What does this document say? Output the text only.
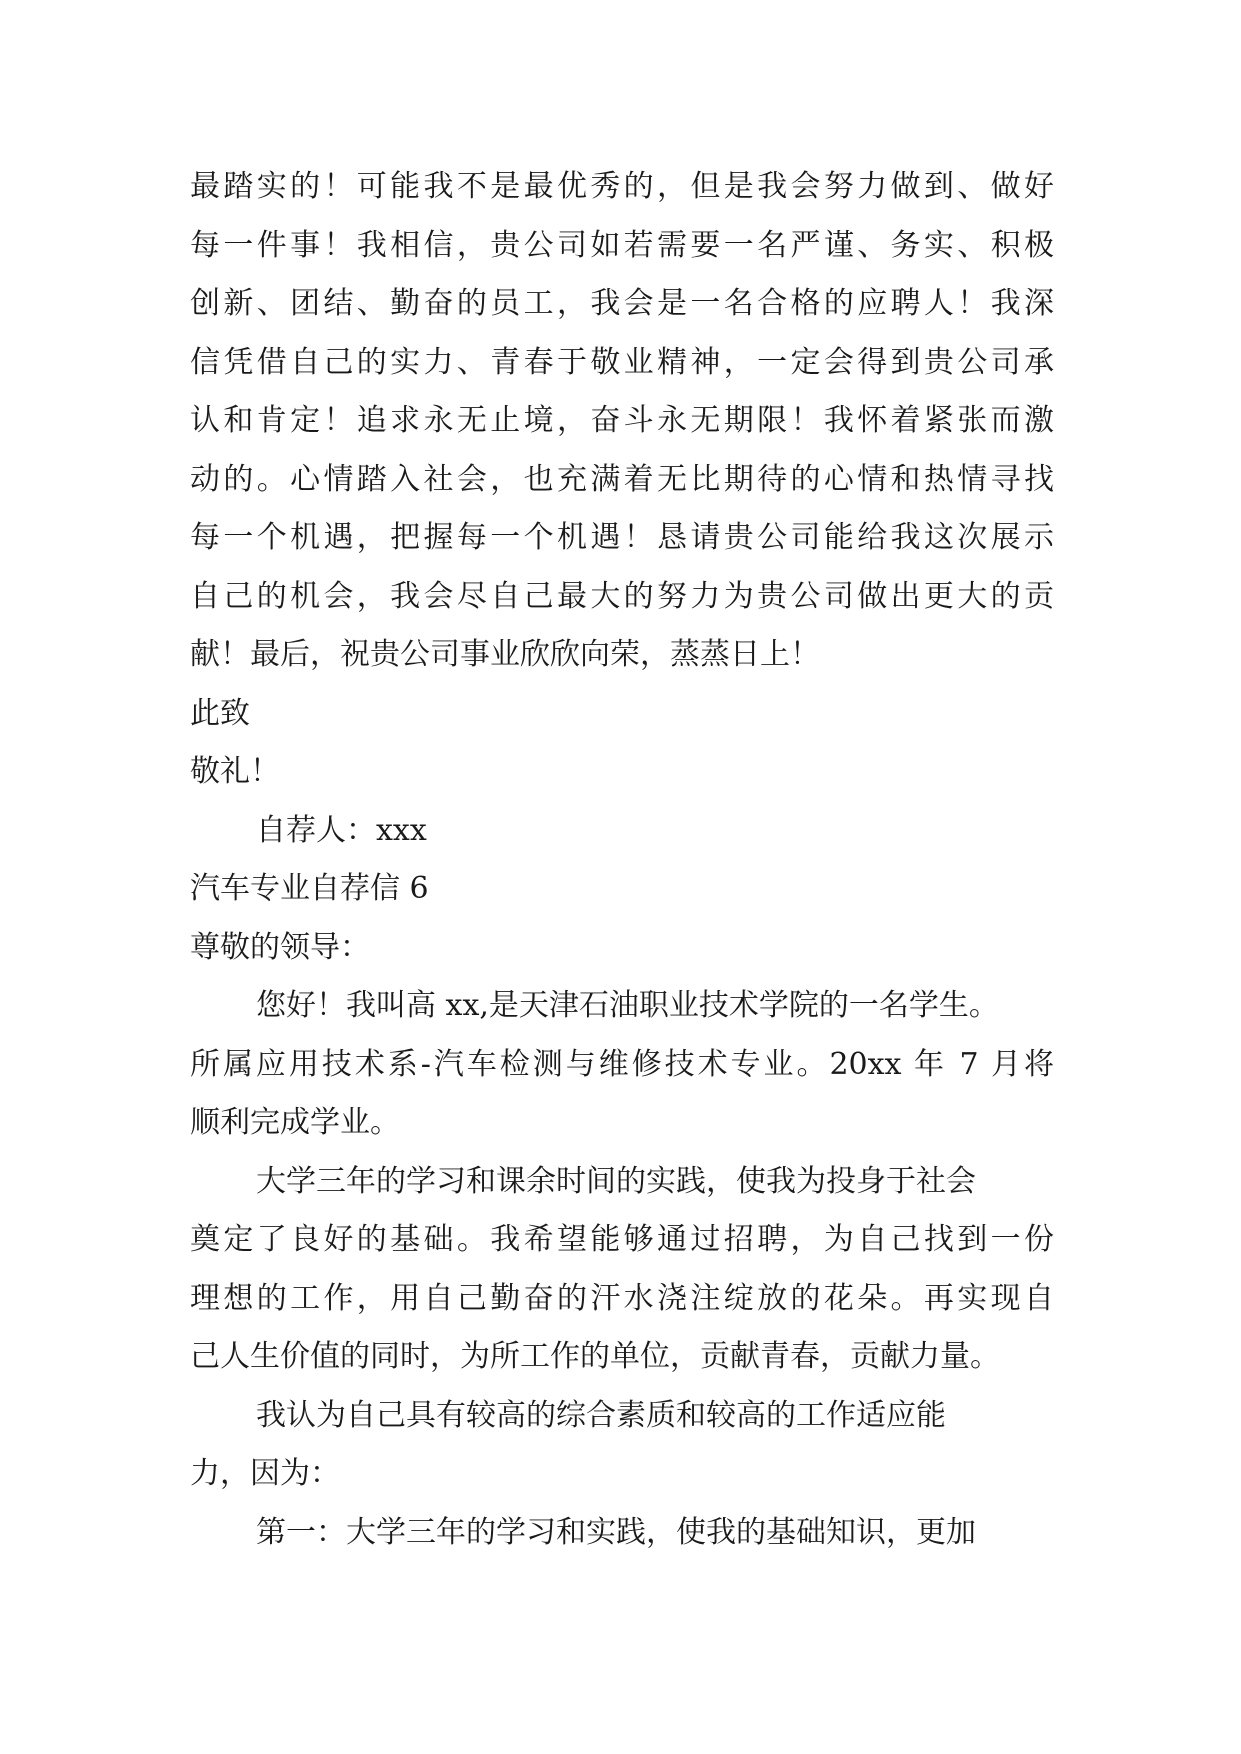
最踏实的！可能我不是最优秀的，但是我会努力做到、做好
每一件事！我相信，贵公司如若需要一名严谨、务实、积极
创新、团结、勤奋的员工，我会是一名合格的应聘人！我深
信凭借自己的实力、青春于敬业精神，一定会得到贵公司承
认和肯定！追求永无止境，奋斗永无期限！我怀着紧张而激
动的。心情踏入社会，也充满着无比期待的心情和热情寻找
每一个机遇，把握每一个机遇！恳请贵公司能给我这次展示
自己的机会，我会尽自己最大的努力为贵公司做出更大的贡
献！最后，祝贵公司事业欣欣向荣，蒸蒸日上！
此致
敬礼！
自荐人：xxx
汽车专业自荐信 6
尊敬的领导：
您好！我叫高 xx,是天津石油职业技术学院的一名学生。
所属应用技术系-汽车检测与维修技术专业。20xx 年 7 月将
顺利完成学业。
大学三年的学习和课余时间的实践，使我为投身于社会
奠定了良好的基础。我希望能够通过招聘，为自己找到一份
理想的工作，用自己勤奋的汗水浇注绽放的花朵。再实现自
己人生价值的同时，为所工作的单位，贡献青春，贡献力量。
我认为自己具有较高的综合素质和较高的工作适应能
力，因为：
第一：大学三年的学习和实践，使我的基础知识，更加
